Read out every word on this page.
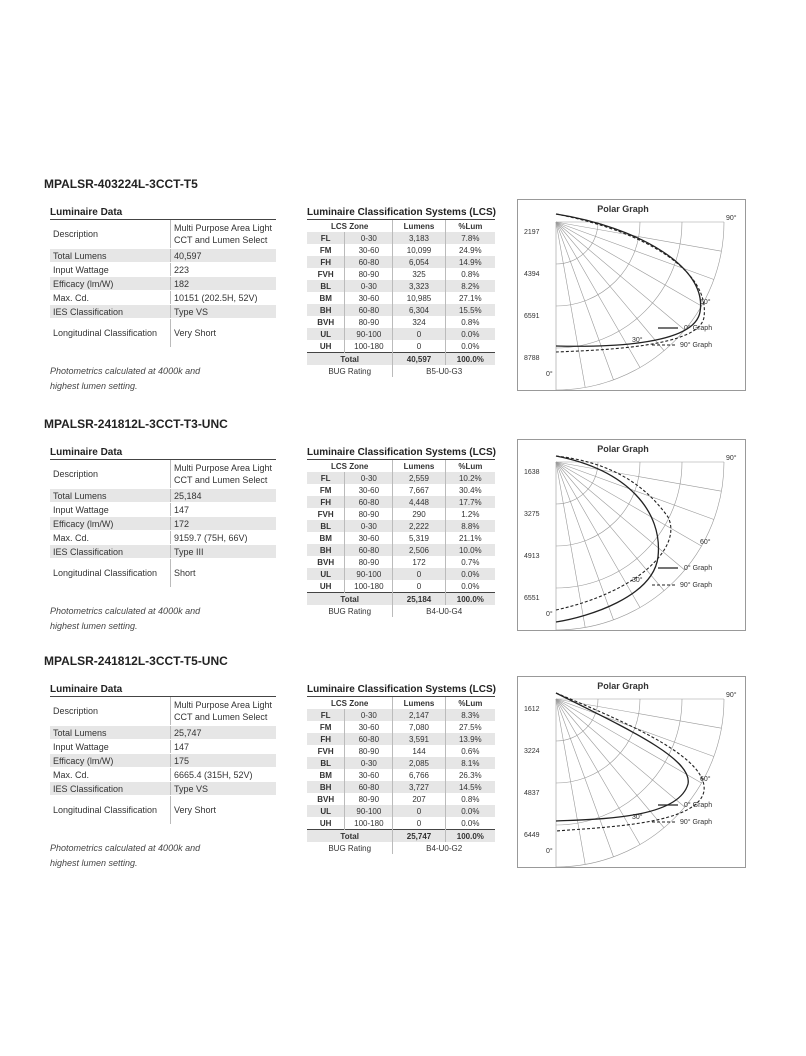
MPALSR-403224L-3CCT-T5
Luminaire Data
Description	Multi Purpose Area Light
CCT and Lumen Select
Total Lumens	40,597
Input Wattage	223
Efficacy (lm/W)	182
Max. Cd.	10151 (202.5H, 52V)
IES Classification	Type VS
Longitudinal Classification	Very Short
Photometrics calculated at 4000k and
highest lumen setting.
Luminaire Classification Systems (LCS)
LCS Zone		Lumens	%Lum
FL	0-30	3,183	7.8%
FM	30-60	10,099	24.9%
FH	60-80	6,054	14.9%
FVH	80-90	325	0.8%
BL	0-30	3,323	8.2%
BM	30-60	10,985	27.1%
BH	60-80	6,304	15.5%
BVH	80-90	324	0.8%
UL	90-100	0	0.0%
UH	100-180	0	0.0%
Total		40,597	100.0%
BUG Rating		B5-U0-G3	
Polar Graph
2197
4394
6591
8788
90°
60°
30°
0°
0° Graph
90° Graph
MPALSR-241812L-3CCT-T3-UNC
Luminaire Data
Description	Multi Purpose Area Light
CCT and Lumen Select
Total Lumens	25,184
Input Wattage	147
Efficacy (lm/W)	172
Max. Cd.	9159.7 (75H, 66V)
IES Classification	Type III
Longitudinal Classification	Short
Photometrics calculated at 4000k and
highest lumen setting.
Luminaire Classification Systems (LCS)
LCS Zone		Lumens	%Lum
FL	0-30	2,559	10.2%
FM	30-60	7,667	30.4%
FH	60-80	4,448	17.7%
FVH	80-90	290	1.2%
BL	0-30	2,222	8.8%
BM	30-60	5,319	21.1%
BH	60-80	2,506	10.0%
BVH	80-90	172	0.7%
UL	90-100	0	0.0%
UH	100-180	0	0.0%
Total		25,184	100.0%
BUG Rating		B4-U0-G4	
Polar Graph
1638
3275
4913
6551
90°
60°
30°
0°
0° Graph
90° Graph
MPALSR-241812L-3CCT-T5-UNC
Luminaire Data
Description	Multi Purpose Area Light
CCT and Lumen Select
Total Lumens	25,747
Input Wattage	147
Efficacy (lm/W)	175
Max. Cd.	6665.4 (315H, 52V)
IES Classification	Type VS
Longitudinal Classification	Very Short
Photometrics calculated at 4000k and
highest lumen setting.
Luminaire Classification Systems (LCS)
LCS Zone		Lumens	%Lum
FL	0-30	2,147	8.3%
FM	30-60	7,080	27.5%
FH	60-80	3,591	13.9%
FVH	80-90	144	0.6%
BL	0-30	2,085	8.1%
BM	30-60	6,766	26.3%
BH	60-80	3,727	14.5%
BVH	80-90	207	0.8%
UL	90-100	0	0.0%
UH	100-180	0	0.0%
Total		25,747	100.0%
BUG Rating		B4-U0-G2	
Polar Graph
1612
3224
4837
6449
90°
60°
30°
0°
0° Graph
90° Graph
